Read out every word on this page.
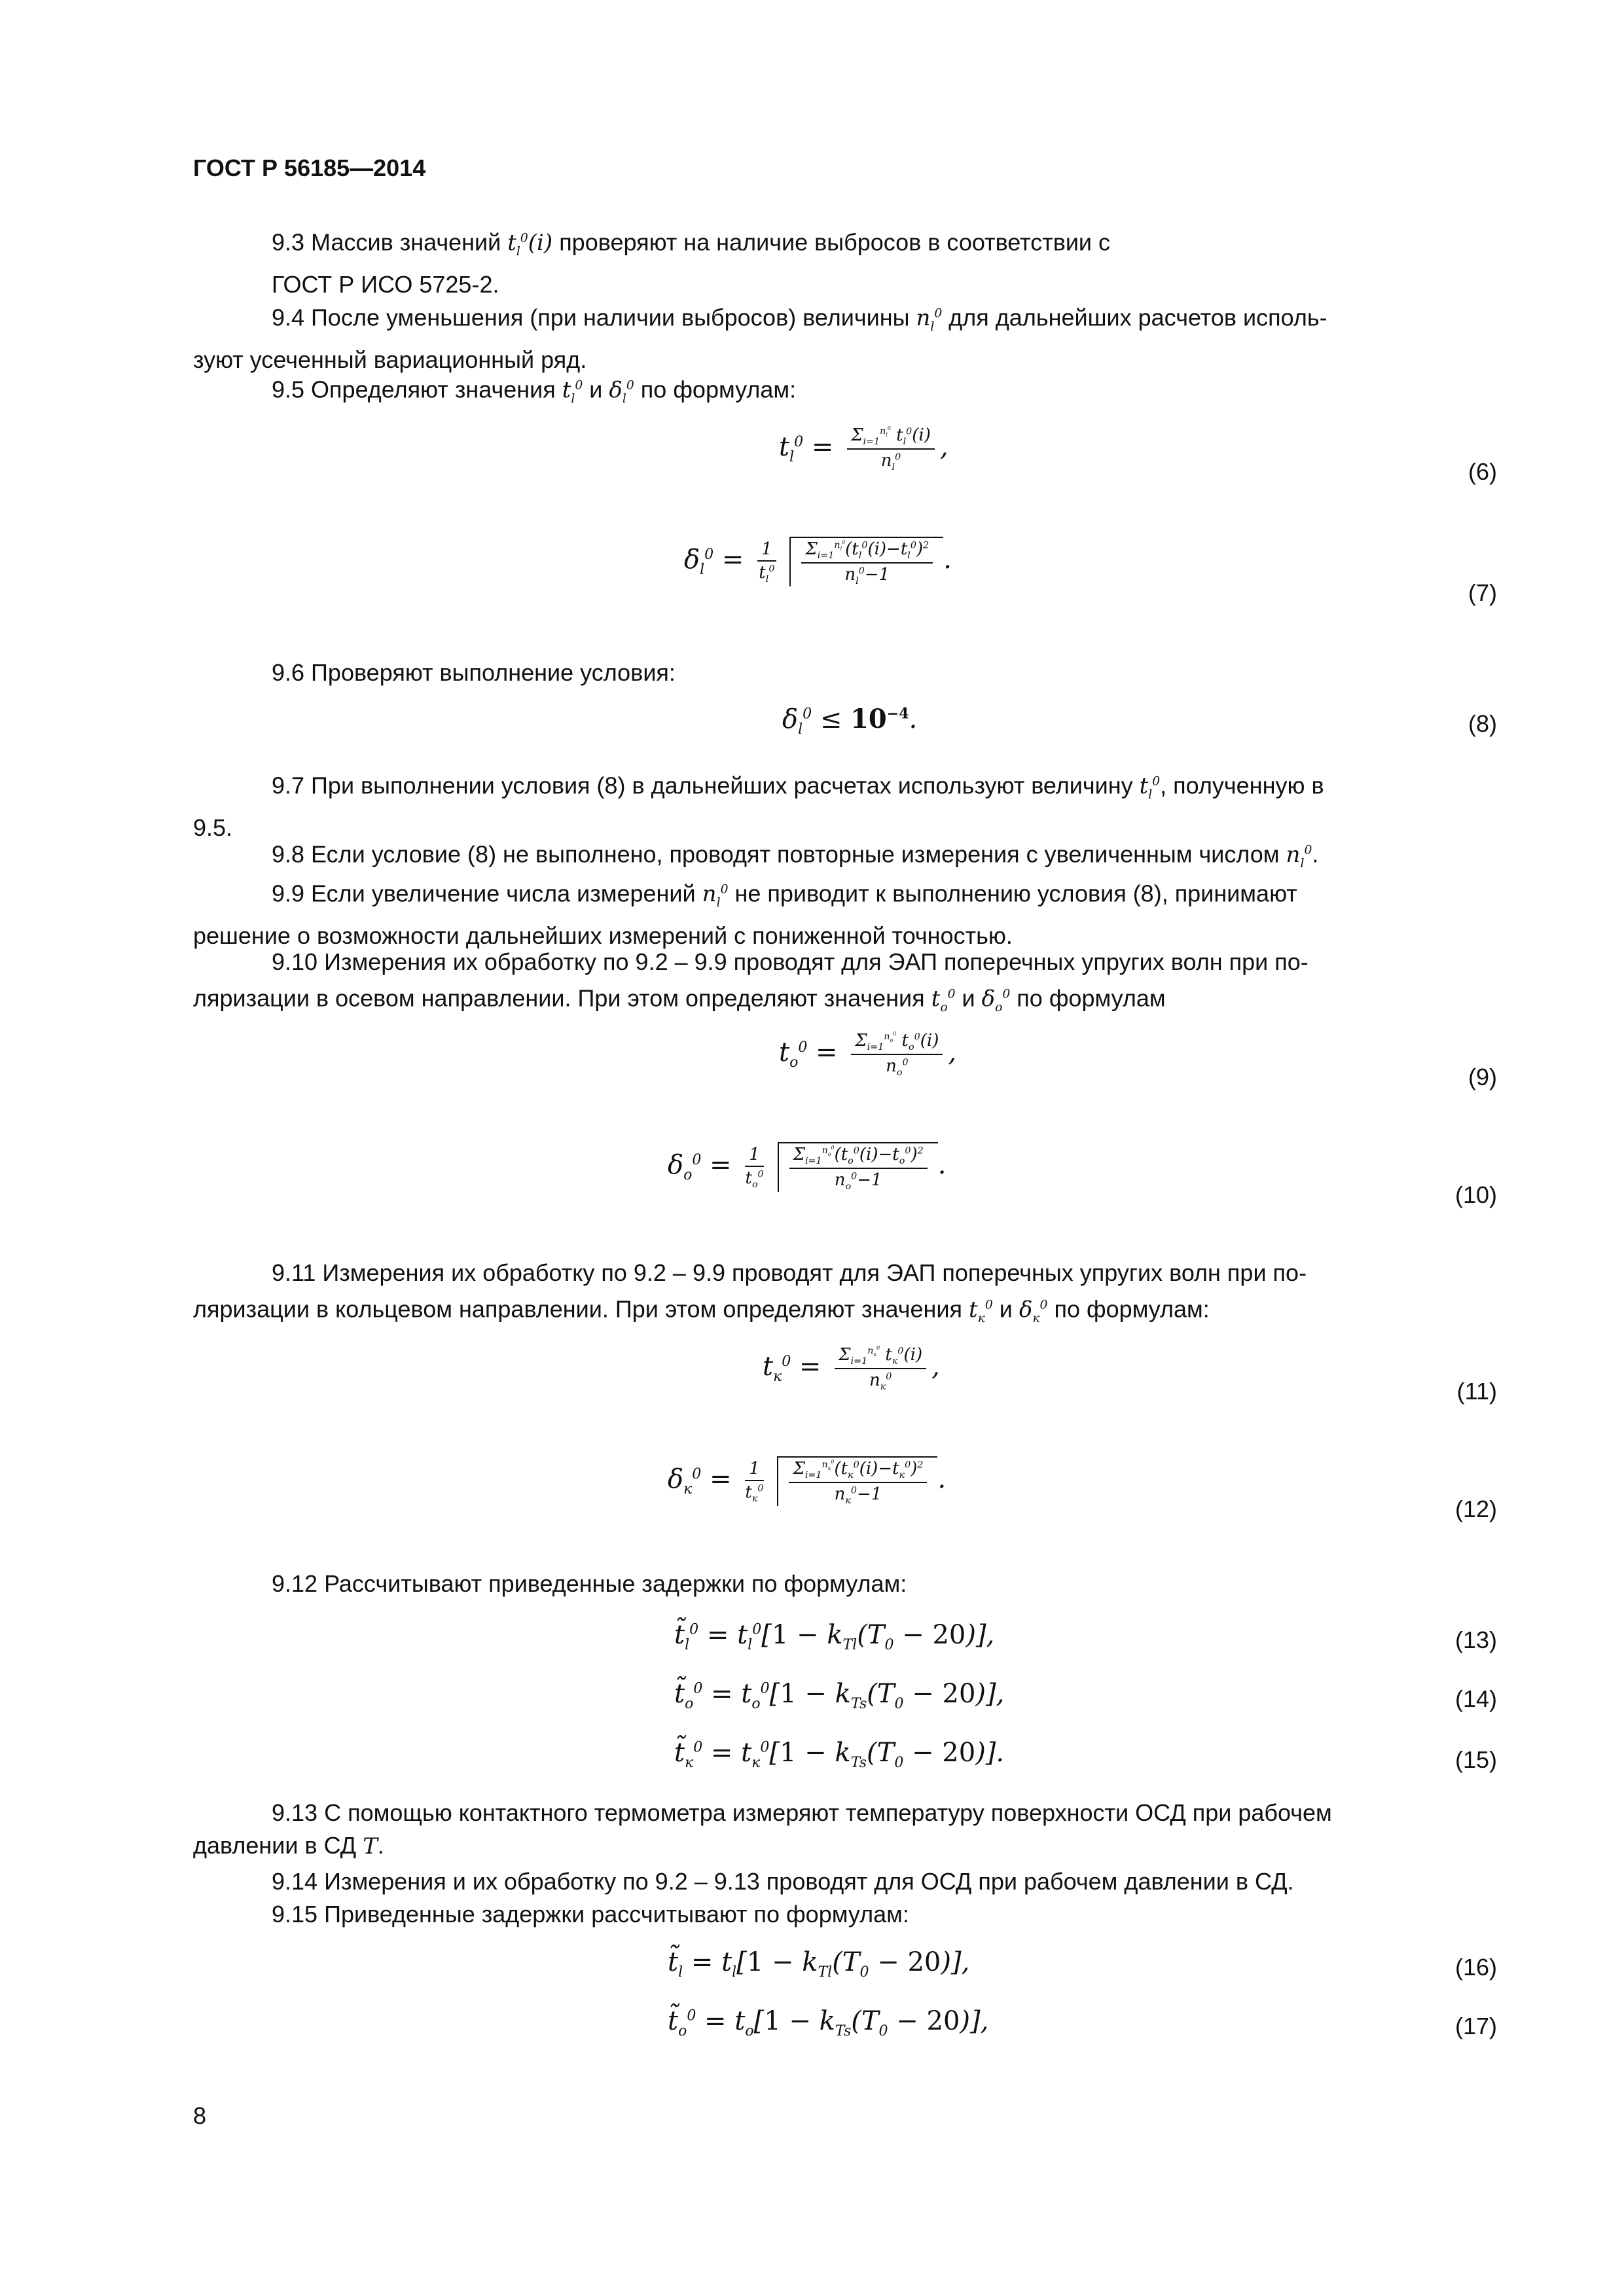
ГОСТ Р 56185—2014
9.3 Массив значений $t_l^0(i)$ проверяют на наличие выбросов в соответствии с
ГОСТ Р ИСО 5725-2.
9.4 После уменьшения (при наличии выбросов) величины $n_l^0$ для дальнейших расчетов исполь-
зуют усеченный вариационный ряд.
9.5 Определяют значения $t_l^0$ и $\delta_l^0$ по формулам:
$t_l^0 = \frac{\Sigma_{i=1}^{n_l^0} t_l^0(i)}{n_l^0}$ ,
(6)
$\delta_l^0 = \frac{1}{t_l^0}$
$\frac{\Sigma_{i=1}^{n_l^0}(t_l^0(i)-t_l^0)^2}{n_l^0-1}$ .
(7)
9.6 Проверяют выполнение условия:
$\delta_l^0 \le 10^{-4}$.	(8)
9.7 При выполнении условия (8) в дальнейших расчетах используют величину $t_l^0$, полученную в
9.5.
9.8 Если условие (8) не выполнено, проводят повторные измерения с увеличенным числом $n_l^0$.
9.9 Если увеличение числа измерений $n_l^0$ не приводит к выполнению условия (8), принимают
решение о возможности дальнейших измерений с пониженной точностью.
9.10 Измерения их обработку по 9.2 – 9.9 проводят для ЭАП поперечных упругих волн при по-
ляризации в осевом направлении. При этом определяют значения $t_о^0$ и $\delta_о^0$ по формулам
$t_о^0 = \frac{\Sigma_{i=1}^{n_о^0} t_о^0(i)}{n_о^0}$ ,
(9)
$\delta_о^0 = \frac{1}{t_о^0}$
$\frac{\Sigma_{i=1}^{n_о^0}(t_о^0(i)-t_о^0)^2}{n_о^0-1}$ .
(10)
9.11 Измерения их обработку по 9.2 – 9.9 проводят для ЭАП поперечных упругих волн при по-
ляризации в кольцевом направлении. При этом определяют значения $t_к^0$ и $\delta_к^0$ по формулам:
$t_к^0 = \frac{\Sigma_{i=1}^{n_к^0} t_к^0(i)}{n_к^0}$ ,
(11)
$\delta_к^0 = \frac{1}{t_к^0}$
$\frac{\Sigma_{i=1}^{n_к^0}(t_к^0(i)-t_к^0)^2}{n_к^0-1}$ .
(12)
9.12 Рассчитывают приведенные задержки по формулам:
$t̃_l^0 = t_l^0[1 - k_{Tl}(T_0 - 20)]$,	(13)
$t̃_о^0 = t_о^0[1 - k_{Ts}(T_0 - 20)]$,	(14)
$t̃_к^0 = t_к^0[1 - k_{Ts}(T_0 - 20)]$.	(15)
9.13 С помощью контактного термометра измеряют температуру поверхности ОСД при рабочем
давлении в СД T.
9.14 Измерения и их обработку по 9.2 – 9.13 проводят для ОСД при рабочем давлении в СД.
9.15 Приведенные задержки рассчитывают по формулам:
$t̃_l = t_l[1 - k_{Tl}(T_0 - 20)]$,	(16)
$t̃_о^0 = t_о[1 - k_{Ts}(T_0 - 20)]$,	(17)
8
